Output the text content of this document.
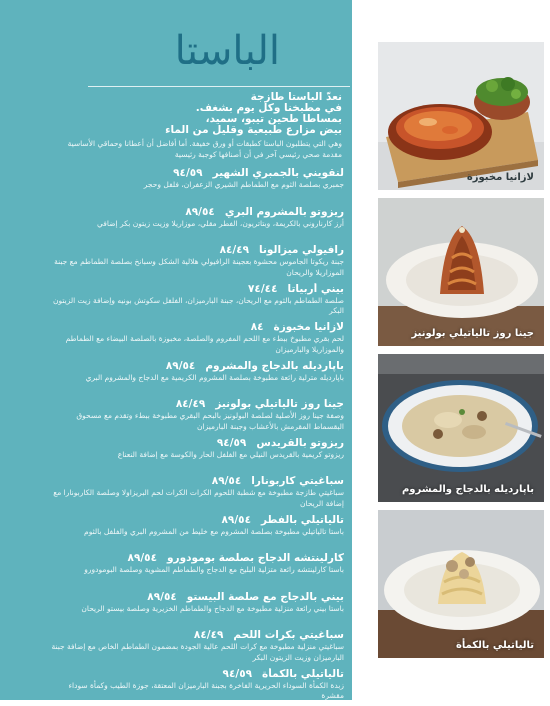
الباستا
نعدّ الباستا طازجة
في مطبخنا وكل يوم بشغف.
بمساطا طحين تيبو، سميد،
بيض مزارع طبيعية وقليل من الماء
وهي التي يتطلبون الباستا كطبقات أو ورق خفيفة. أما أفاضل أن أعطانا وحماقي الأساسية مقدمة صحي رئيسي آخر في أن أصنافها كوجبة رئيسية
لنقويني بالجمبري الشهير٩٤/٥٩
جمبري بصلصة الثوم مع الطماطم الشيري الزعفران، فلفل وحجر
ريزوتو بالمشروم البري٨٩/٥٤
أرز كارناروني بالكريمة، وبتاتريون، الفطر مقلي، موزاريلا وزيت زيتون بكر إضافي
رافيولي ميزالونا٨٤/٤٩
جبنة ريكوتا الجاموس محشوة بعجينة الرافيولي هلالية الشكل وسبانخ بصلصة الطماطم مع جبنة الموزاريلا والريحان
بيني أربياتا٧٤/٤٤
صلصة الطماطم بالثوم مع الريحان، جبنة البارميزان، الفلفل سكوتش بونيه وإضافة زيت الزيتون البكر
لازانيا مخبوزة٨٤
لحم بقري مطبوخ ببطء مع اللحم المفروم والصلصة، مخبوزة بالصلصة البيضاء مع الطماطم والموزاريلا والبارميزان
باپارديله بالدجاج والمشروم٨٩/٥٤
باپارديله مترلية رائعة مطبوخة بصلصة المشروم الكريمية مع الدجاج والمشروم البري
جينا روز تالياتيلي بولونيز٨٤/٤٩
وصفة جينا روز الأصلية لصلصة البولونيز بالبحم البقري مطبوخة ببطء وتقدم مع مسحوق البقسماط المقرمش بالأعشاب وجبنة البارميزان
ريزوتو بالقريدس٩٤/٥٩
ريزوتو كريمية بالقريدس النيلي مع الفلفل الحار والكوسة مع إضافة النعناع
سباغيتي كاربونارا٨٩/٥٤
سباغيتي طازجة مطبوخة مع شطبة اللحوم الكرات الكرات لحم البريزاولا وصلصة الكاربونارا مع إضافة الريحان
تالياتيلي بالفطر٨٩/٥٤
باستا تالياتيلي مطبوخة بصلصة المشروم مع خليط من المشروم البري والفلفل بالثوم
كارلينتشه الدجاج بصلصة بومودورو٨٩/٥٤
باستا كارلينتشه رائعة متزلية البليخ مع الدجاج والطماطم المشوية وصلصة البومودورو
بيني بالدجاج مع صلصة البيستو٨٩/٥٤
باستا بيني رائعة منزلية مطبوخة مع الدجاج والطماطم الخزيرية وصلصة بيستو الريحان
سباغيتي بكرات اللحم٨٤/٤٩
سباغيتي منزلية مطبوخة مع كرات اللحم عالية الجودة بمضمون الطماطم الخاص مع إضافة جبنة البارميزان وزيت الزيتون البكر
تالياتيلي بالكمأة٩٤/٥٩
زبدة الكمأة السوداء الحريرية الفاخرة بجبنة البارميزان المعتقة، جوزة الطيب وكمأة سوداء مقشرة
لازانيا مخبوزة
جينا روز تالياتيلي بولونيز
باپارديله بالدجاج والمشروم
تالياتيلي بالكمأة
